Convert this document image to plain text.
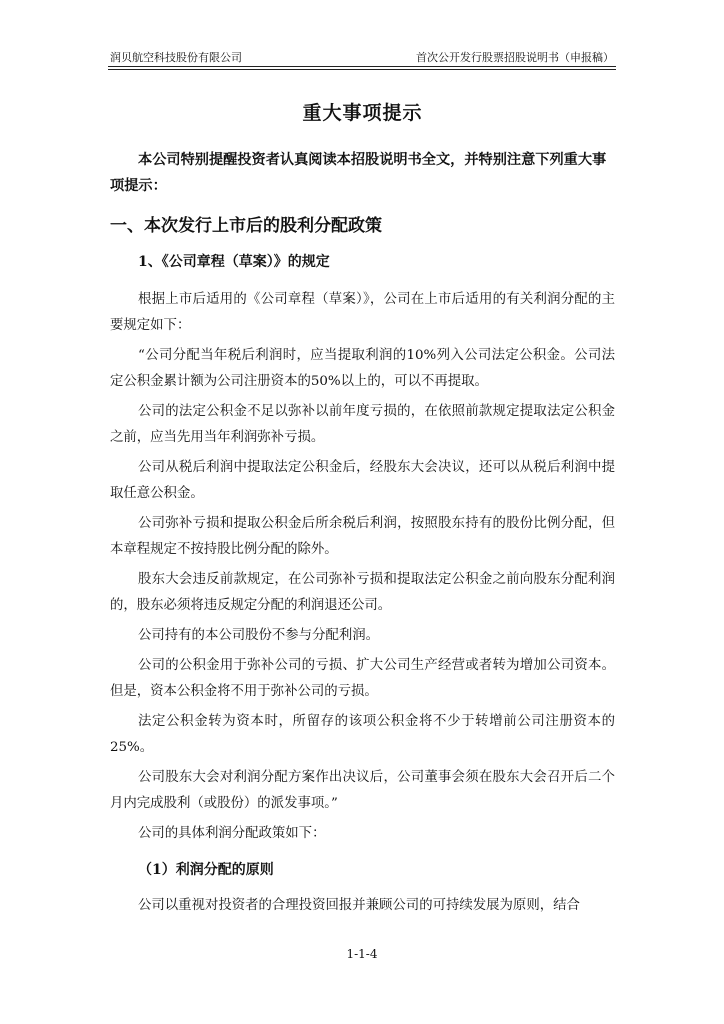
润贝航空科技股份有限公司	首次公开发行股票招股说明书（申报稿）
重大事项提示

本公司特别提醒投资者认真阅读本招股说明书全文，并特别注意下列重大事项提示：

一、本次发行上市后的股利分配政策
1、《公司章程（草案）》的规定

根据上市后适用的《公司章程（草案）》，公司在上市后适用的有关利润分配的主要规定如下：

“公司分配当年税后利润时，应当提取利润的10%列入公司法定公积金。公司法定公积金累计额为公司注册资本的50%以上的，可以不再提取。

公司的法定公积金不足以弥补以前年度亏损的，在依照前款规定提取法定公积金之前，应当先用当年利润弥补亏损。

公司从税后利润中提取法定公积金后，经股东大会决议，还可以从税后利润中提取任意公积金。

公司弥补亏损和提取公积金后所余税后利润，按照股东持有的股份比例分配，但本章程规定不按持股比例分配的除外。

股东大会违反前款规定，在公司弥补亏损和提取法定公积金之前向股东分配利润的，股东必须将违反规定分配的利润退还公司。

公司持有的本公司股份不参与分配利润。

公司的公积金用于弥补公司的亏损、扩大公司生产经营或者转为增加公司资本。但是，资本公积金将不用于弥补公司的亏损。

法定公积金转为资本时，所留存的该项公积金将不少于转增前公司注册资本的25%。

公司股东大会对利润分配方案作出决议后，公司董事会须在股东大会召开后二个月内完成股利（或股份）的派发事项。”

公司的具体利润分配政策如下：

（1）利润分配的原则

公司以重视对投资者的合理投资回报并兼顾公司的可持续发展为原则，结合

1-1-4
